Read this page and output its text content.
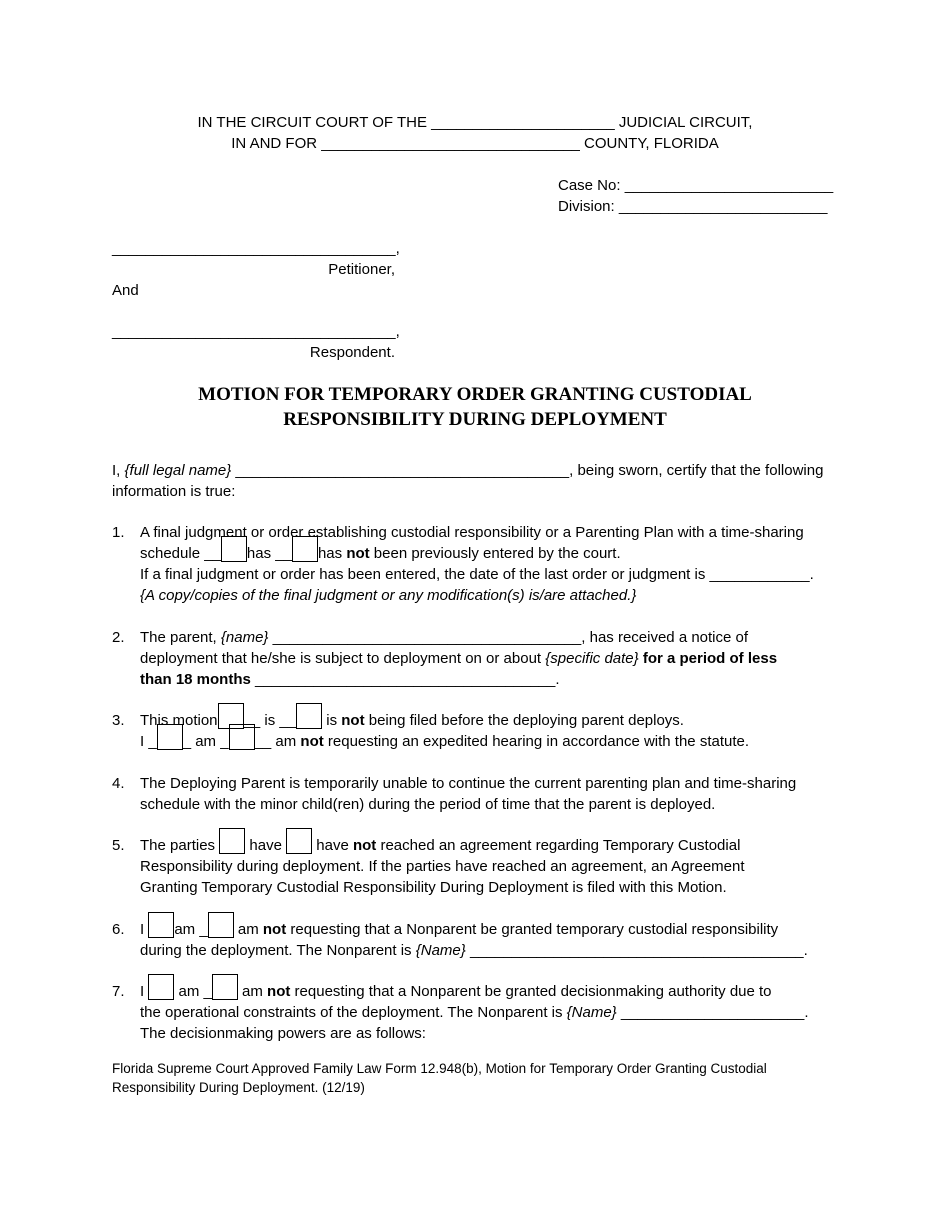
IN THE CIRCUIT COURT OF THE ______________________ JUDICIAL CIRCUIT,
IN AND FOR _______________________________ COUNTY, FLORIDA
Case No: _________________________
Division: _________________________
__________________________________,
Petitioner,
And
__________________________________,
Respondent.
MOTION FOR TEMPORARY ORDER GRANTING CUSTODIAL
RESPONSIBILITY DURING DEPLOYMENT
I, {full legal name} ________________________________________, being sworn, certify that the following
information is true:
1. A final judgment or order establishing custodial responsibility or a Parenting Plan with a time-sharing
schedule __ has __ has not been previously entered by the court.
If a final judgment or order has been entered, the date of the last order or judgment is ____________.
{A copy/copies of the final judgment or any modification(s) is/are attached.}
2. The parent, {name} _____________________________________, has received a notice of
deployment that he/she is subject to deployment on or about {specific date} for a period of less
than 18 months ____________________________________.
3. This motion __ is __ is not being filed before the deploying parent deploys.
I _ _ am _ __ am not requesting an expedited hearing in accordance with the statute.
4. The Deploying Parent is temporarily unable to continue the current parenting plan and time-sharing
schedule with the minor child(ren) during the period of time that the parent is deployed.
5. The parties  have  have not reached an agreement regarding Temporary Custodial
Responsibility during deployment. If the parties have reached an agreement, an Agreement
Granting Temporary Custodial Responsibility During Deployment is filed with this Motion.
6. I am _ am not requesting that a Nonparent be granted temporary custodial responsibility
during the deployment. The Nonparent is {Name} ________________________________________.
7. I  am _ am not requesting that a Nonparent be granted decisionmaking authority due to
the operational constraints of the deployment. The Nonparent is {Name} ______________________.
The decisionmaking powers are as follows:
Florida Supreme Court Approved Family Law Form 12.948(b), Motion for Temporary Order Granting Custodial
Responsibility During Deployment. (12/19)
